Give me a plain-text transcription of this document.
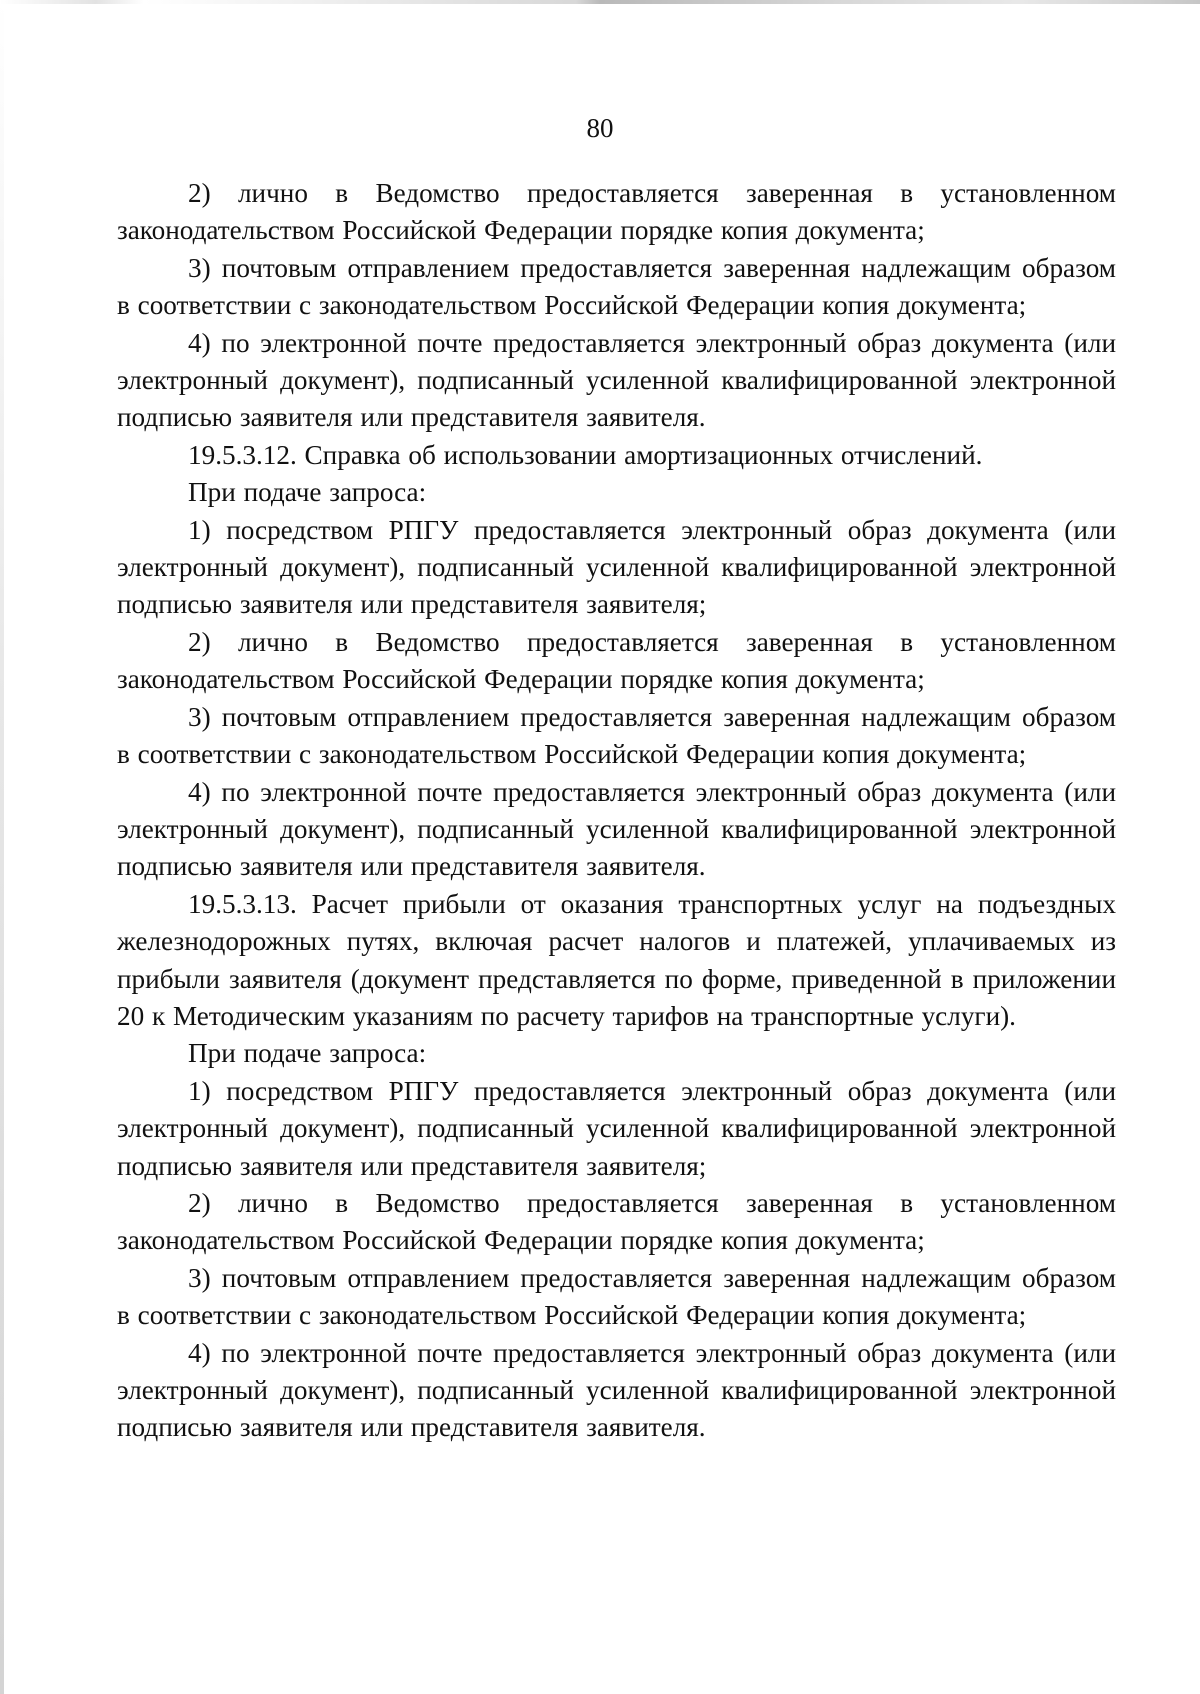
80

2) лично в Ведомство предоставляется заверенная в установленном законодательством Российской Федерации порядке копия документа;

3) почтовым отправлением предоставляется заверенная надлежащим образом в соответствии с законодательством Российской Федерации копия документа;

4) по электронной почте предоставляется электронный образ документа (или электронный документ), подписанный усиленной квалифицированной электронной подписью заявителя или представителя заявителя.

19.5.3.12. Справка об использовании амортизационных отчислений.

При подаче запроса:

1) посредством РПГУ предоставляется электронный образ документа (или электронный документ), подписанный усиленной квалифицированной электронной подписью заявителя или представителя заявителя;

2) лично в Ведомство предоставляется заверенная в установленном законодательством Российской Федерации порядке копия документа;

3) почтовым отправлением предоставляется заверенная надлежащим образом в соответствии с законодательством Российской Федерации копия документа;

4) по электронной почте предоставляется электронный образ документа (или электронный документ), подписанный усиленной квалифицированной электронной подписью заявителя или представителя заявителя.

19.5.3.13. Расчет прибыли от оказания транспортных услуг на подъездных железнодорожных путях, включая расчет налогов и платежей, уплачиваемых из прибыли заявителя (документ представляется по форме, приведенной в приложении 20 к Методическим указаниям по расчету тарифов на транспортные услуги).

При подаче запроса:

1) посредством РПГУ предоставляется электронный образ документа (или электронный документ), подписанный усиленной квалифицированной электронной подписью заявителя или представителя заявителя;

2) лично в Ведомство предоставляется заверенная в установленном законодательством Российской Федерации порядке копия документа;

3) почтовым отправлением предоставляется заверенная надлежащим образом в соответствии с законодательством Российской Федерации копия документа;

4) по электронной почте предоставляется электронный образ документа (или электронный документ), подписанный усиленной квалифицированной электронной подписью заявителя или представителя заявителя.
